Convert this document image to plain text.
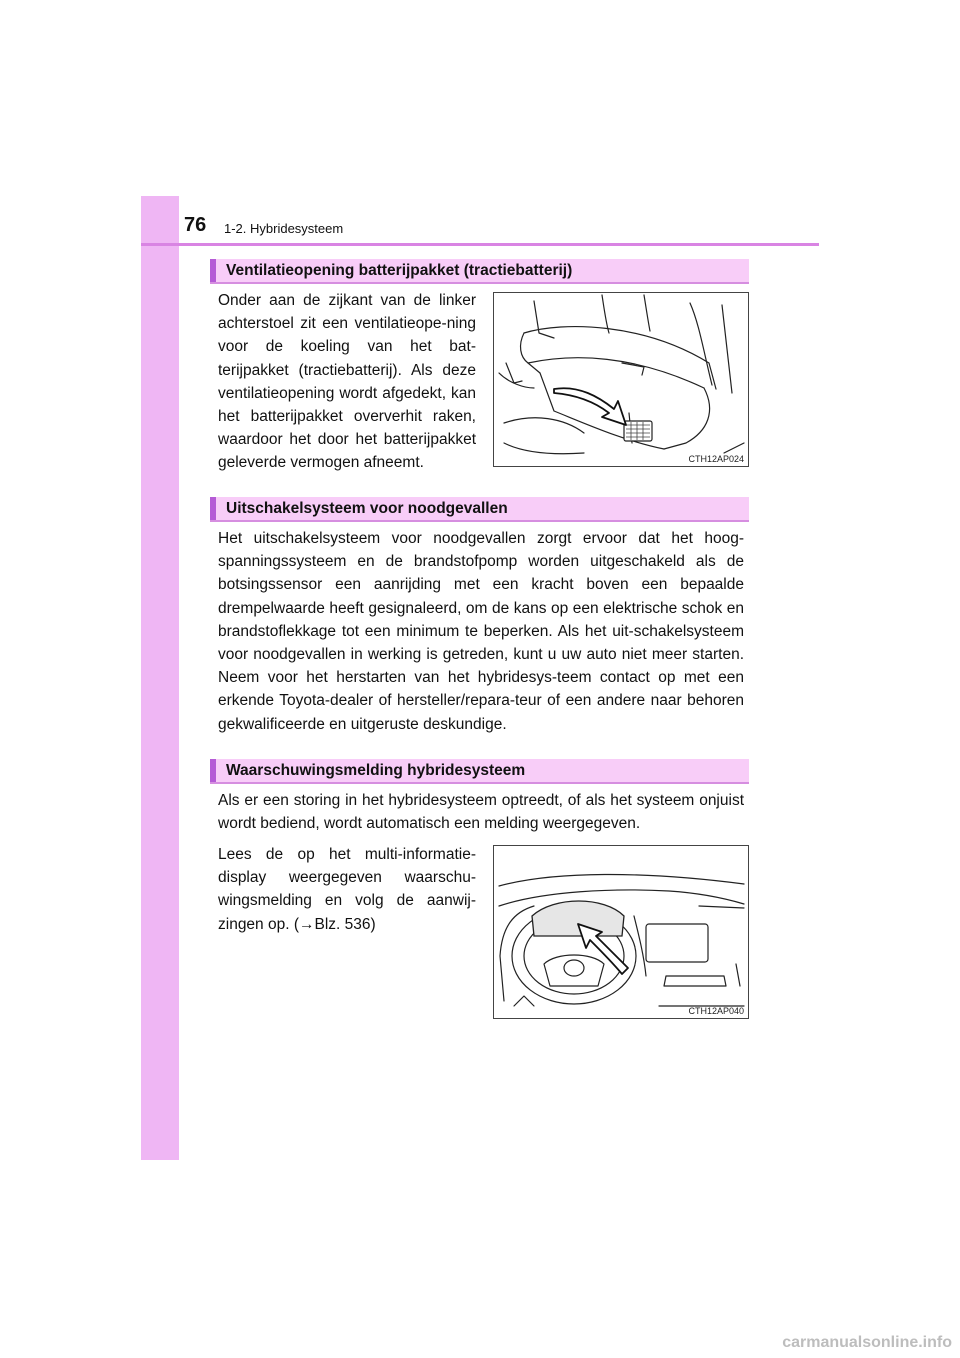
76 1-2. Hybridesysteem
Ventilatieopening batterijpakket (tractiebatterij)

Onder aan de zijkant van de linker achterstoel zit een ventilatieope-ning voor de koeling van het bat-terijpakket (tractiebatterij). Als deze ventilatieopening wordt afgedekt, kan het batterijpakket oververhit raken, waardoor het door het batterijpakket geleverde vermogen afneemt.	CTH12AP024
Uitschakelsysteem voor noodgevallen

Het uitschakelsysteem voor noodgevallen zorgt ervoor dat het hoog-spanningssysteem en de brandstofpomp worden uitgeschakeld als de botsingssensor een aanrijding met een kracht boven een bepaalde drempelwaarde heeft gesignaleerd, om de kans op een elektrische schok en brandstoflekkage tot een minimum te beperken. Als het uit-schakelsysteem voor noodgevallen in werking is getreden, kunt u uw auto niet meer starten. Neem voor het herstarten van het hybridesys-teem contact op met een erkende Toyota-dealer of hersteller/repara-teur of een andere naar behoren gekwalificeerde en uitgeruste deskundige.

Waarschuwingsmelding hybridesysteem

Als er een storing in het hybridesysteem optreedt, of als het systeem onjuist wordt bediend, wordt automatisch een melding weergegeven.

Lees de op het multi-informatie-display weergegeven waarschu-wingsmelding en volg de aanwij-zingen op. (→Blz. 536)

CTH12AP040
carmanualsonline.info
